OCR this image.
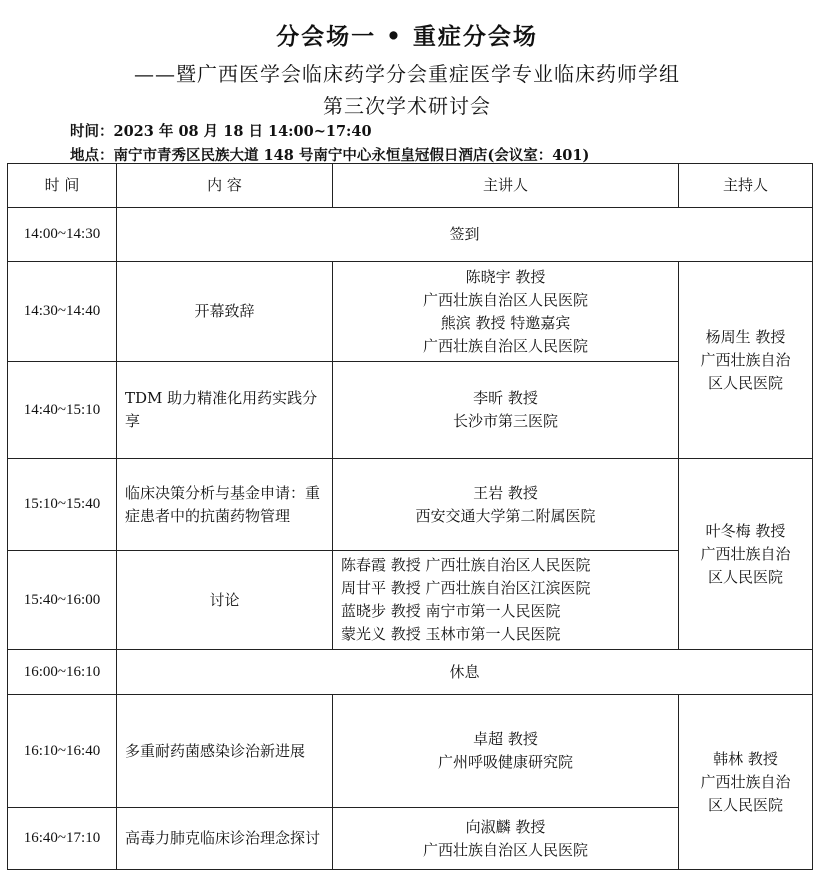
分会场一 • 重症分会场
——暨广西医学会临床药学分会重症医学专业临床药师学组
第三次学术研讨会
时间：2023 年 08 月 18 日 14:00~17:40
地点：南宁市青秀区民族大道 148 号南宁中心永恒皇冠假日酒店(会议室：401)
时 间	内 容	主讲人	主持人
14:00~14:30	签到		
14:30~14:40	开幕致辞	陈晓宇 教授
广西壮族自治区人民医院
熊滨 教授 特邀嘉宾
广西壮族自治区人民医院	杨周生 教授
广西壮族自治
区人民医院

14:40~15:10	TDM 助力精准化用药实践分享	李昕 教授
长沙市第三医院	

15:10~15:40	临床决策分析与基金申请：重症患者中的抗菌药物管理	王岩 教授
西安交通大学第二附属医院	叶冬梅 教授
广西壮族自治
区人民医院

15:40~16:00	讨论	陈春霞 教授 广西壮族自治区人民医院
周甘平 教授 广西壮族自治区江滨医院
蓝晓步 教授 南宁市第一人民医院
蒙光义 教授 玉林市第一人民医院	

16:00~16:10	休息		
16:10~16:40	多重耐药菌感染诊治新进展	卓超 教授
广州呼吸健康研究院	韩林 教授
广西壮族自治
区人民医院

16:40~17:10	高毒力肺克临床诊治理念探讨	向淑麟 教授
广西壮族自治区人民医院	
